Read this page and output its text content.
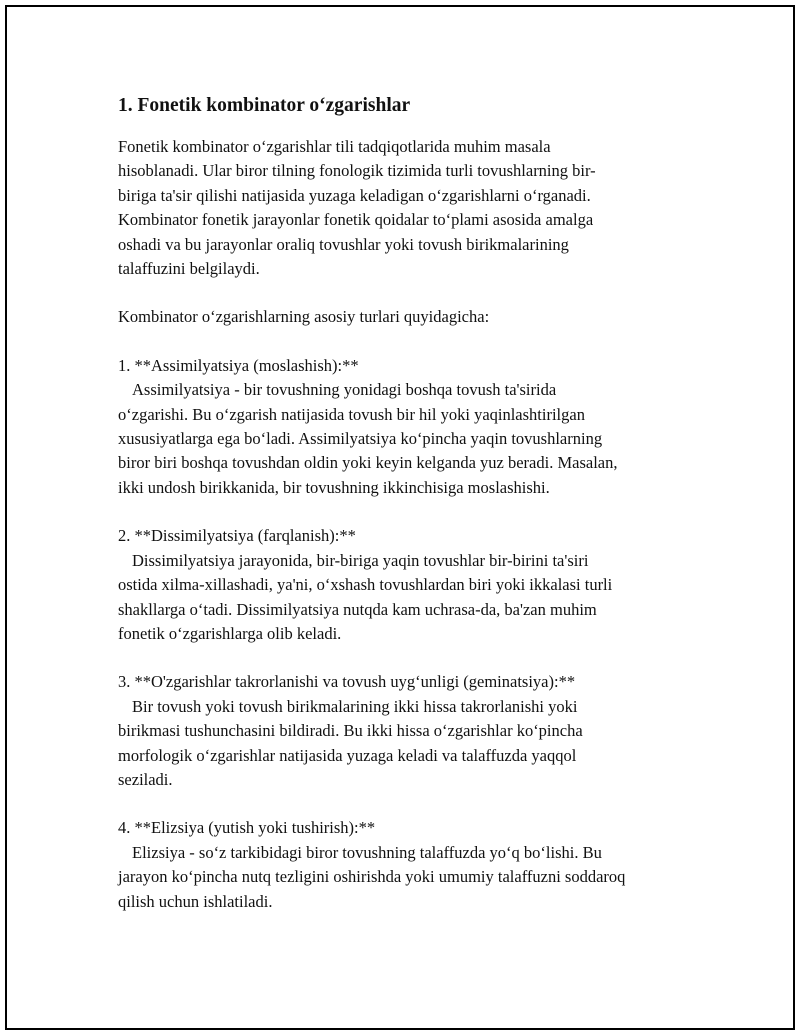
1. Fonetik kombinator o‘zgarishlar

Fonetik kombinator o‘zgarishlar tili tadqiqotlarida muhim masala
hisoblanadi. Ular biror tilning fonologik tizimida turli tovushlarning bir-
biriga ta'sir qilishi natijasida yuzaga keladigan o‘zgarishlarni o‘rganadi.
Kombinator fonetik jarayonlar fonetik qoidalar to‘plami asosida amalga
oshadi va bu jarayonlar oraliq tovushlar yoki tovush birikmalarining
talaffuzini belgilaydi.

Kombinator o‘zgarishlarning asosiy turlari quyidagicha:

1. **Assimilyatsiya (moslashish):**

Assimilyatsiya - bir tovushning yonidagi boshqa tovush ta'sirida
o‘zgarishi. Bu o‘zgarish natijasida tovush bir hil yoki yaqinlashtirilgan
xususiyatlarga ega bo‘ladi. Assimilyatsiya ko‘pincha yaqin tovushlarning
biror biri boshqa tovushdan oldin yoki keyin kelganda yuz beradi. Masalan,
ikki undosh birikkanida, bir tovushning ikkinchisiga moslashishi.

2. **Dissimilyatsiya (farqlanish):**

Dissimilyatsiya jarayonida, bir-biriga yaqin tovushlar bir-birini ta'siri
ostida xilma-xillashadi, ya'ni, o‘xshash tovushlardan biri yoki ikkalasi turli
shakllarga o‘tadi. Dissimilyatsiya nutqda kam uchrasa-da, ba'zan muhim
fonetik o‘zgarishlarga olib keladi.

3. **O'zgarishlar takrorlanishi va tovush uyg‘unligi (geminatsiya):**

Bir tovush yoki tovush birikmalarining ikki hissa takrorlanishi yoki
birikmasi tushunchasini bildiradi. Bu ikki hissa o‘zgarishlar ko‘pincha
morfologik o‘zgarishlar natijasida yuzaga keladi va talaffuzda yaqqol
seziladi.

4. **Elizsiya (yutish yoki tushirish):**

Elizsiya - so‘z tarkibidagi biror tovushning talaffuzda yo‘q bo‘lishi. Bu
jarayon ko‘pincha nutq tezligini oshirishda yoki umumiy talaffuzni soddaroq
qilish uchun ishlatiladi.
